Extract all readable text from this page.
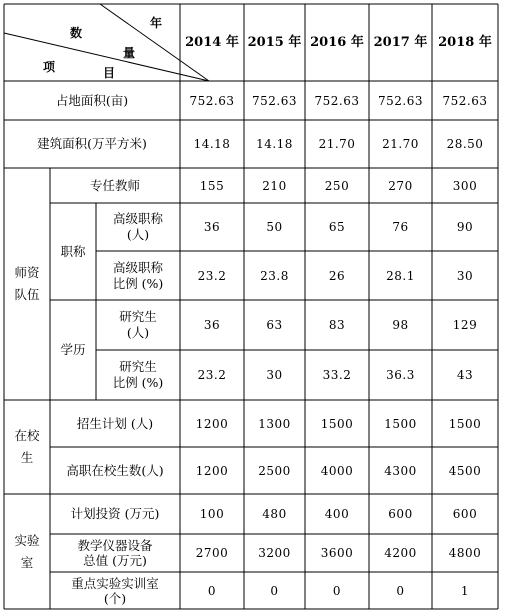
年
数
量
项	目
2014 年 2015 年 2016 年 2017 年 2018 年
占地面积(亩)	752.63	752.63	752.63	752.63	752.63
建筑面积(万平方米)	14.18	14.18	21.70	21.70	28.50
师资
队伍
专任教师	155	210	250	270	300
职称
高级职称
(人)	36	50	65	76	90
高级职称
比例 (%)	23.2	23.8	26	28.1	30
学历
研究生
(人)	36	63	83	98	129
研究生
比例 (%)	23.2	30	33.2	36.3	43
在校
生
招生计划 (人)	1200	1300	1500	1500	1500
高职在校生数(人)	1200	2500	4000	4300	4500
实验
室
计划投资 (万元)	100	480	400	600	600
教学仪器设备
总值 (万元)	2700	3200	3600	4200	4800
重点实验实训室
(个)	0	0	0	0	1
